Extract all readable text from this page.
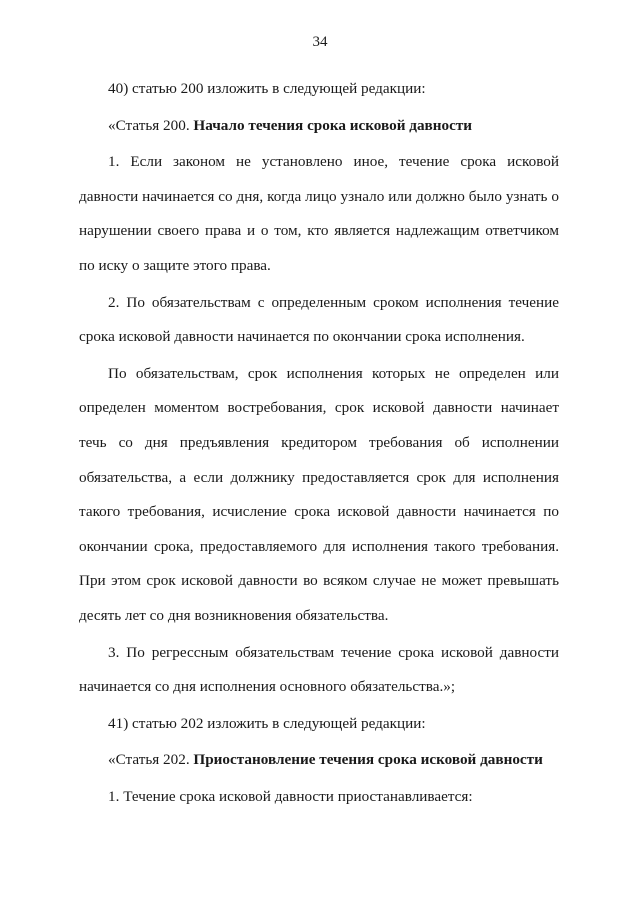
34

40) статью 200 изложить в следующей редакции:

«Статья 200. Начало течения срока исковой давности

1. Если законом не установлено иное, течение срока исковой давности начинается со дня, когда лицо узнало или должно было узнать о нарушении своего права и о том, кто является надлежащим ответчиком по иску о защите этого права.

2. По обязательствам с определенным сроком исполнения течение срока исковой давности начинается по окончании срока исполнения.

По обязательствам, срок исполнения которых не определен или определен моментом востребования, срок исковой давности начинает течь со дня предъявления кредитором требования об исполнении обязательства, а если должнику предоставляется срок для исполнения такого требования, исчисление срока исковой давности начинается по окончании срока, предоставляемого для исполнения такого требования. При этом срок исковой давности во всяком случае не может превышать десять лет со дня возникновения обязательства.

3. По регрессным обязательствам течение срока исковой давности начинается со дня исполнения основного обязательства.»;

41) статью 202 изложить в следующей редакции:

«Статья 202. Приостановление течения срока исковой давности

1. Течение срока исковой давности приостанавливается:
